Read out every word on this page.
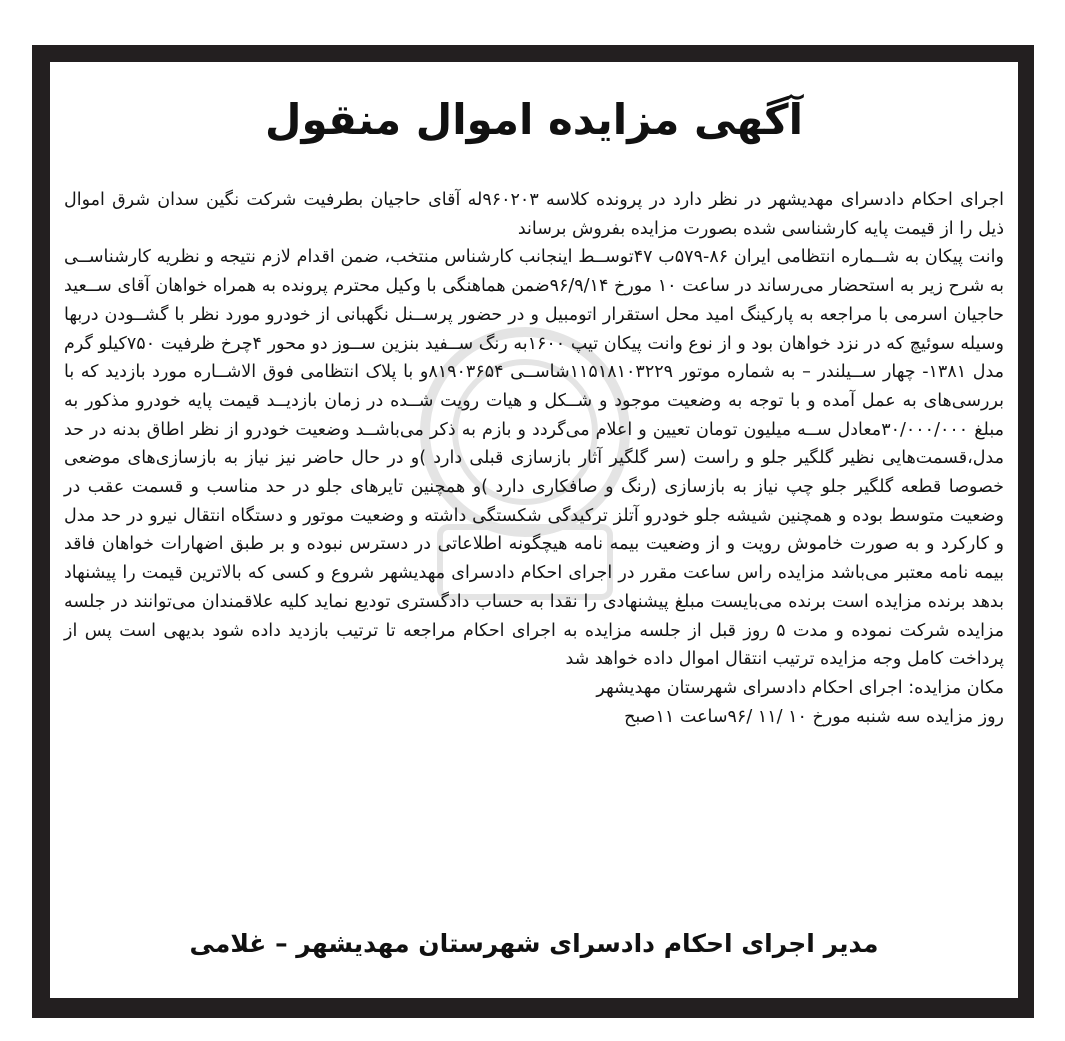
آگهی مزایده اموال منقول

اجرای احکام دادسرای مهدیشهر در نظر دارد در پرونده کلاسه ۹۶۰۲۰۳له آقای حاجیان بطرفیت شرکت نگین سدان شرق اموال ذیل را از قیمت پایه کارشناسی شده بصورت مزایده بفروش برساند

وانت پیکان به شــماره انتظامی ایران ۸۶-۵۷۹ب ۴۷توســط اینجانب کارشناس منتخب، ضمن اقدام لازم نتیجه و نظریه کارشناســی به شرح زیر به استحضار می‌رساند در ساعت ۱۰ مورخ ۹۶/۹/۱۴ضمن هماهنگی با وکیل محترم پرونده به همراه خواهان آقای ســعید حاجیان اسرمی با مراجعه به پارکینگ امید محل استقرار اتومبیل و در حضور پرســنل نگهبانی از خودرو مورد نظر با گشــودن دربها وسیله سوئیچ که در نزد خواهان بود و از نوع وانت پیکان تیپ ۱۶۰۰به رنگ ســفید بنزین ســوز دو محور ۴چرخ ظرفیت ۷۵۰کیلو گرم مدل ۱۳۸۱- چهار ســیلندر – به شماره موتور ۱۱۵۱۸۱۰۳۲۲۹شاســی ۸۱۹۰۳۶۵۴و با پلاک انتظامی فوق الاشــاره مورد بازدید که با بررسی‌های به عمل آمده و با توجه به وضعیت موجود و شــکل و هیات رویت شــده در زمان بازدیــد قیمت پایه خودرو مذکور به مبلغ ۳۰/۰۰۰/۰۰۰معادل ســه میلیون تومان تعیین و اعلام می‌گردد و بازم به ذکر می‌باشــد وضعیت خودرو از نظر اطاق بدنه در حد مدل،قسمت‌هایی نظیر گلگیر جلو و راست (سر گلگیر آثار بازسازی قبلی دارد )و در حال حاضر نیز نیاز به بازسازی‌های موضعی خصوصا قطعه گلگیر جلو چپ نیاز به بازسازی (رنگ و صافکاری دارد )و همچنین تایرهای جلو در حد مناسب و قسمت عقب در وضعیت متوسط بوده و همچنین شیشه جلو خودرو آتلز ترکیدگی شکستگی داشته و وضعیت موتور و دستگاه انتقال نیرو در حد مدل و کارکرد و به صورت خاموش رویت و از وضعیت بیمه نامه هیچگونه اطلاعاتی در دسترس نبوده و بر طبق اضهارات خواهان فاقد بیمه نامه معتبر می‌باشد مزایده راس ساعت مقرر در اجرای احکام دادسرای مهدیشهر شروع و کسی که بالاترین قیمت را پیشنهاد بدهد برنده مزایده است برنده می‌بایست مبلغ پیشنهادی را نقدا به حساب دادگستری تودیع نماید کلیه علاقمندان می‌توانند در جلسه مزایده شرکت نموده و مدت ۵ روز قبل از جلسه مزایده به اجرای احکام مراجعه تا ترتیب بازدید داده شود بدیهی است پس از پرداخت کامل وجه مزایده ترتیب انتقال اموال داده خواهد شد

مکان مزایده: اجرای احکام دادسرای شهرستان مهدیشهر

روز مزایده سه شنبه مورخ ۱۰ /۱۱ /۹۶ساعت ۱۱صبح

مدیر اجرای احکام دادسرای شهرستان مهدیشهر – غلامی
